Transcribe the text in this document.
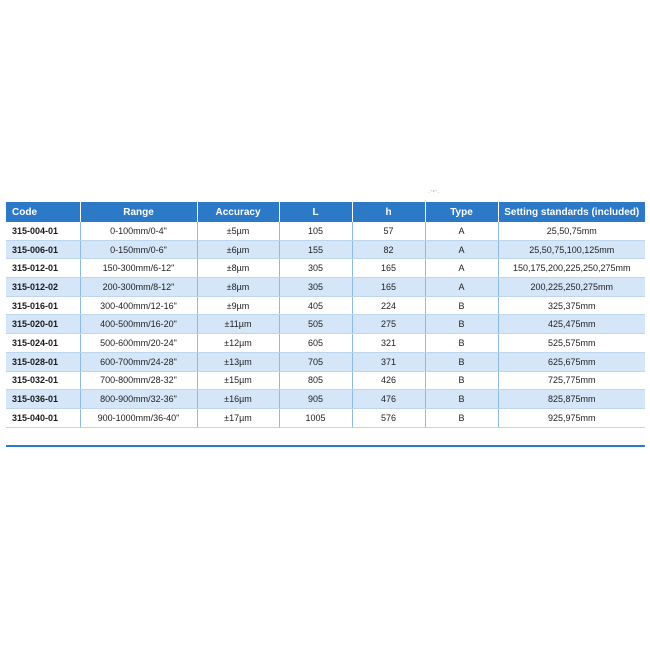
·'°'·
Code	Range	Accuracy	L	h	Type	Setting standards (included)
315-004-01	0-100mm/0-4"	±5µm	105	57	A	25,50,75mm
315-006-01	0-150mm/0-6"	±6µm	155	82	A	25,50,75,100,125mm
315-012-01	150-300mm/6-12"	±8µm	305	165	A	150,175,200,225,250,275mm
315-012-02	200-300mm/8-12"	±8µm	305	165	A	200,225,250,275mm
315-016-01	300-400mm/12-16"	±9µm	405	224	B	325,375mm
315-020-01	400-500mm/16-20"	±11µm	505	275	B	425,475mm
315-024-01	500-600mm/20-24"	±12µm	605	321	B	525,575mm
315-028-01	600-700mm/24-28"	±13µm	705	371	B	625,675mm
315-032-01	700-800mm/28-32"	±15µm	805	426	B	725,775mm
315-036-01	800-900mm/32-36"	±16µm	905	476	B	825,875mm
315-040-01	900-1000mm/36-40"	±17µm	1005	576	B	925,975mm
